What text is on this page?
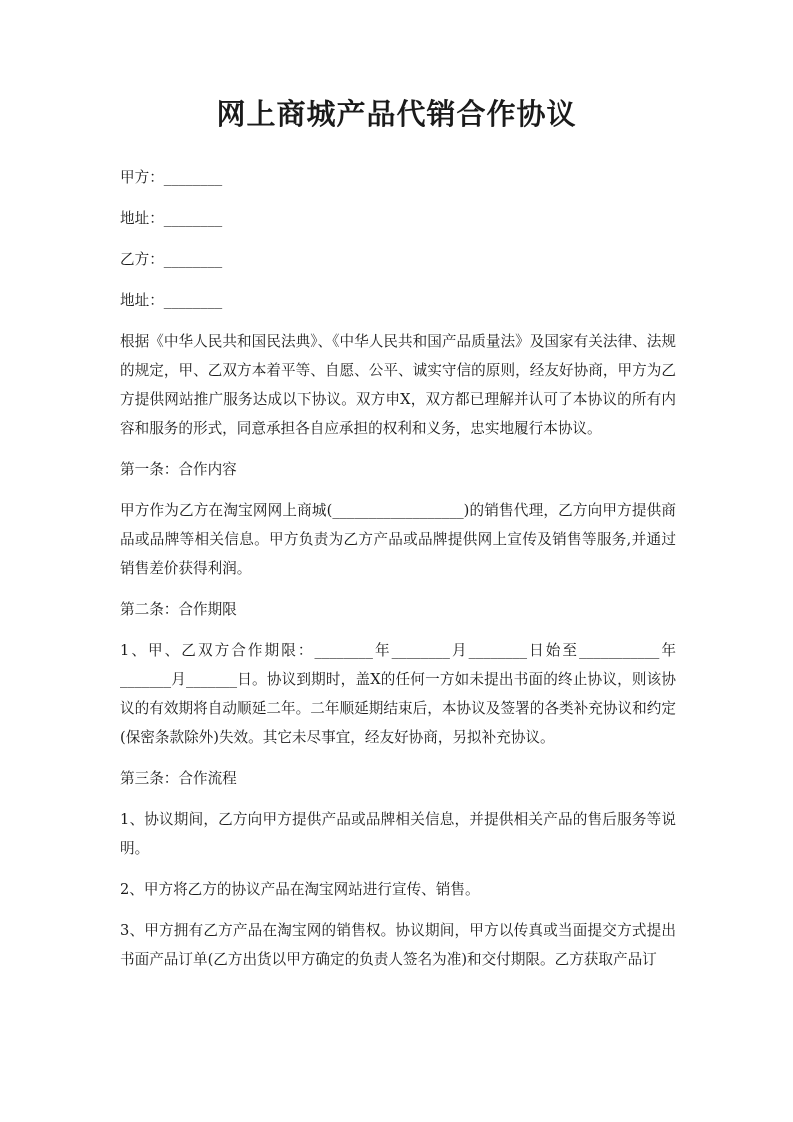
网上商城产品代销合作协议

甲方：________

地址：________

乙方：________

地址：________

根据《中华人民共和国民法典》、《中华人民共和国产品质量法》及国家有关法律、法规的规定，甲、乙双方本着平等、自愿、公平、诚实守信的原则，经友好协商，甲方为乙方提供网站推广服务达成以下协议。双方申X，双方都已理解并认可了本协议的所有内容和服务的形式，同意承担各自应承担的权利和义务，忠实地履行本协议。

第一条：合作内容

甲方作为乙方在淘宝网网上商城(__________________)的销售代理，乙方向甲方提供商品或品牌等相关信息。甲方负责为乙方产品或品牌提供网上宣传及销售等服务,并通过销售差价获得利润。

第二条：合作期限

1、甲、乙双方合作期限：________年________月________日始至___________年_______月_______日。协议到期时，盖X的任何一方如未提出书面的终止协议，则该协议的有效期将自动顺延二年。二年顺延期结束后，本协议及签署的各类补充协议和约定(保密条款除外)失效。其它未尽事宜，经友好协商，另拟补充协议。

第三条：合作流程

1、协议期间，乙方向甲方提供产品或品牌相关信息，并提供相关产品的售后服务等说明。

2、甲方将乙方的协议产品在淘宝网站进行宣传、销售。

3、甲方拥有乙方产品在淘宝网的销售权。协议期间，甲方以传真或当面提交方式提出书面产品订单(乙方出货以甲方确定的负责人签名为准)和交付期限。乙方获取产品订
